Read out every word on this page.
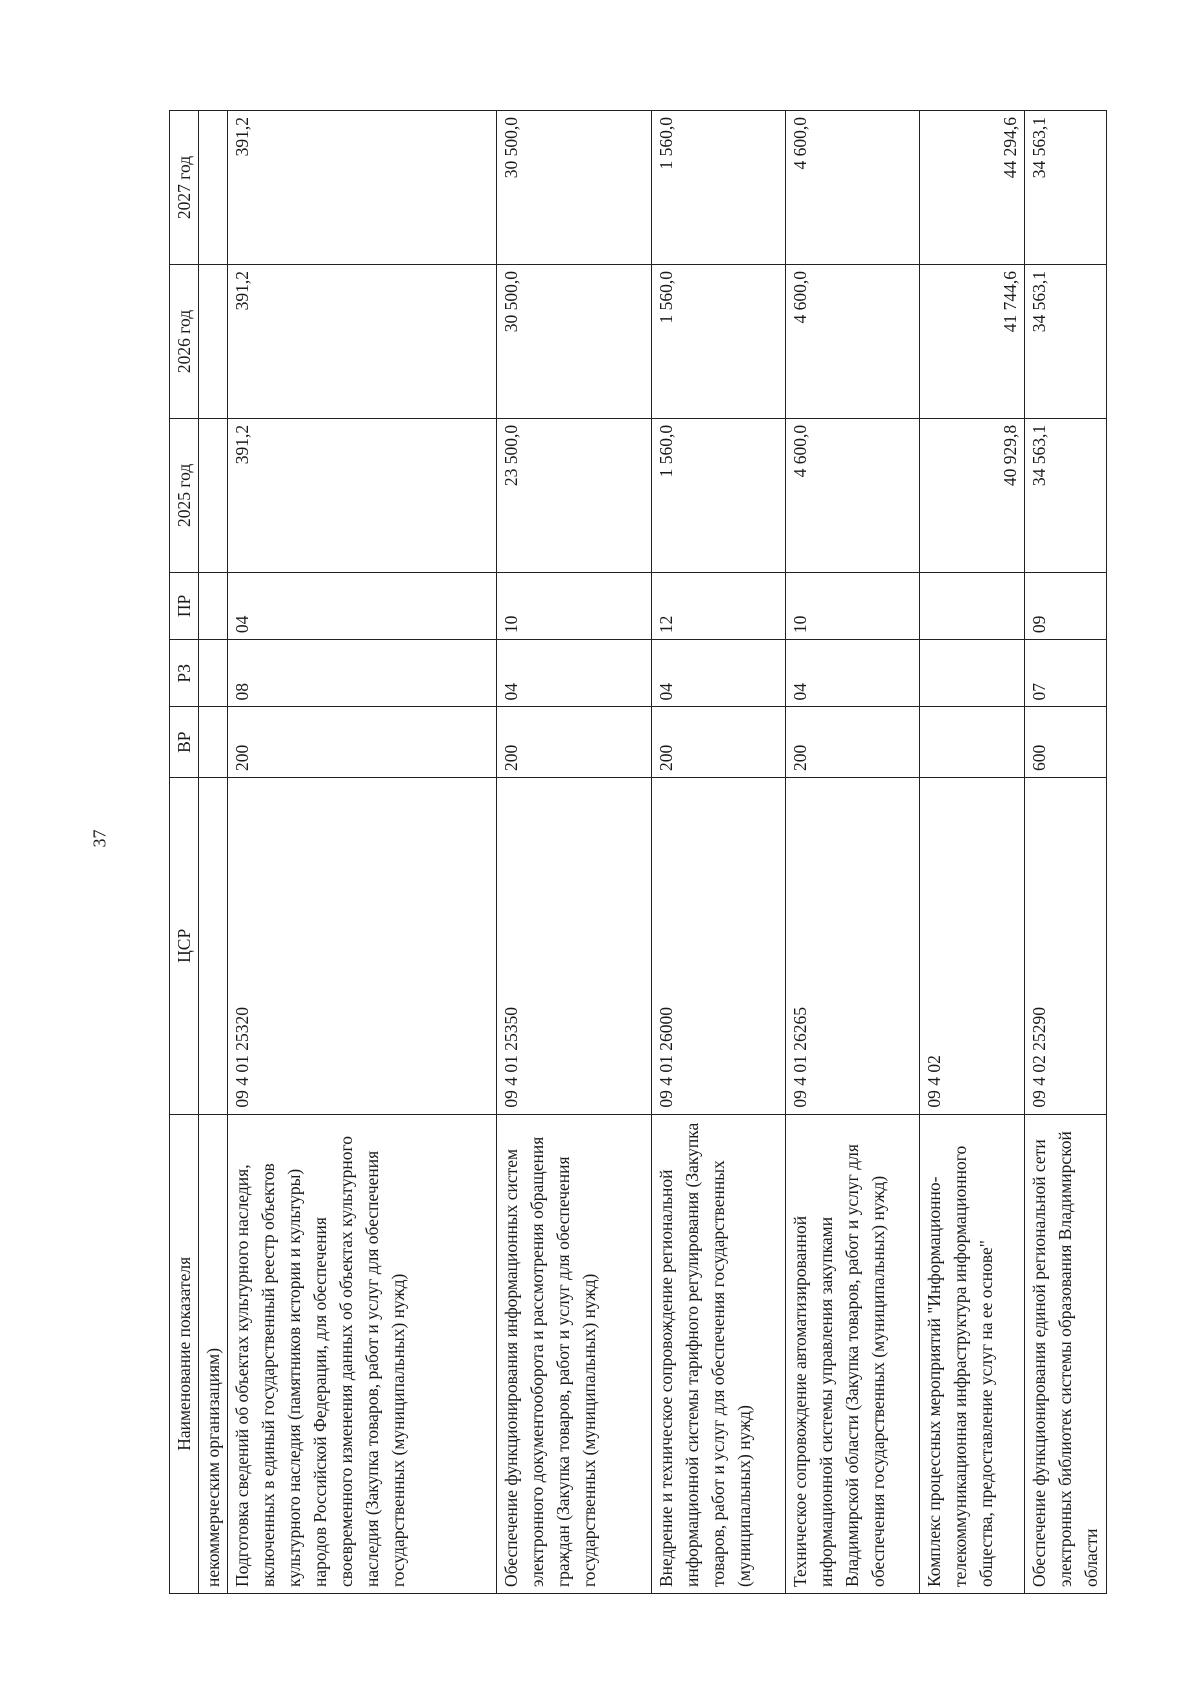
37
Наименование показателя	ЦСР	ВР	РЗ	ПР	2025 год	2026 год	2027 год
некоммерческим организациям)							
Подготовка сведений об объектах культурного наследия, включенных в единый государственный реестр объектов культурного наследия (памятников истории и культуры) народов Российской Федерации, для обеспечения своевременного изменения данных об объектах культурного наследия (Закупка товаров, работ и услуг для обеспечения государственных (муниципальных) нужд)	09 4 01 25320	200	08	04	391,2	391,2	391,2
Обеспечение функционирования информационных систем электронного документооборота и рассмотрения обращения граждан (Закупка товаров, работ и услуг для обеспечения государственных (муниципальных) нужд)	09 4 01 25350	200	04	10	23 500,0	30 500,0	30 500,0
Внедрение и техническое сопровождение региональной информационной системы тарифного регулирования (Закупка товаров, работ и услуг для обеспечения государственных (муниципальных) нужд)	09 4 01 26000	200	04	12	1 560,0	1 560,0	1 560,0
Техническое сопровождение автоматизированной информационной системы управления закупками Владимирской области (Закупка товаров, работ и услуг для обеспечения государственных (муниципальных) нужд)	09 4 01 26265	200	04	10	4 600,0	4 600,0	4 600,0
Комплекс процессных мероприятий "Информационно-телекоммуникационная инфраструктура информационного общества, предоставление услуг на ее основе"	09 4 02				40 929,8	41 744,6	44 294,6
Обеспечение функционирования единой региональной сети электронных библиотек системы образования Владимирской области	09 4 02 25290	600	07	09	34 563,1	34 563,1	34 563,1
